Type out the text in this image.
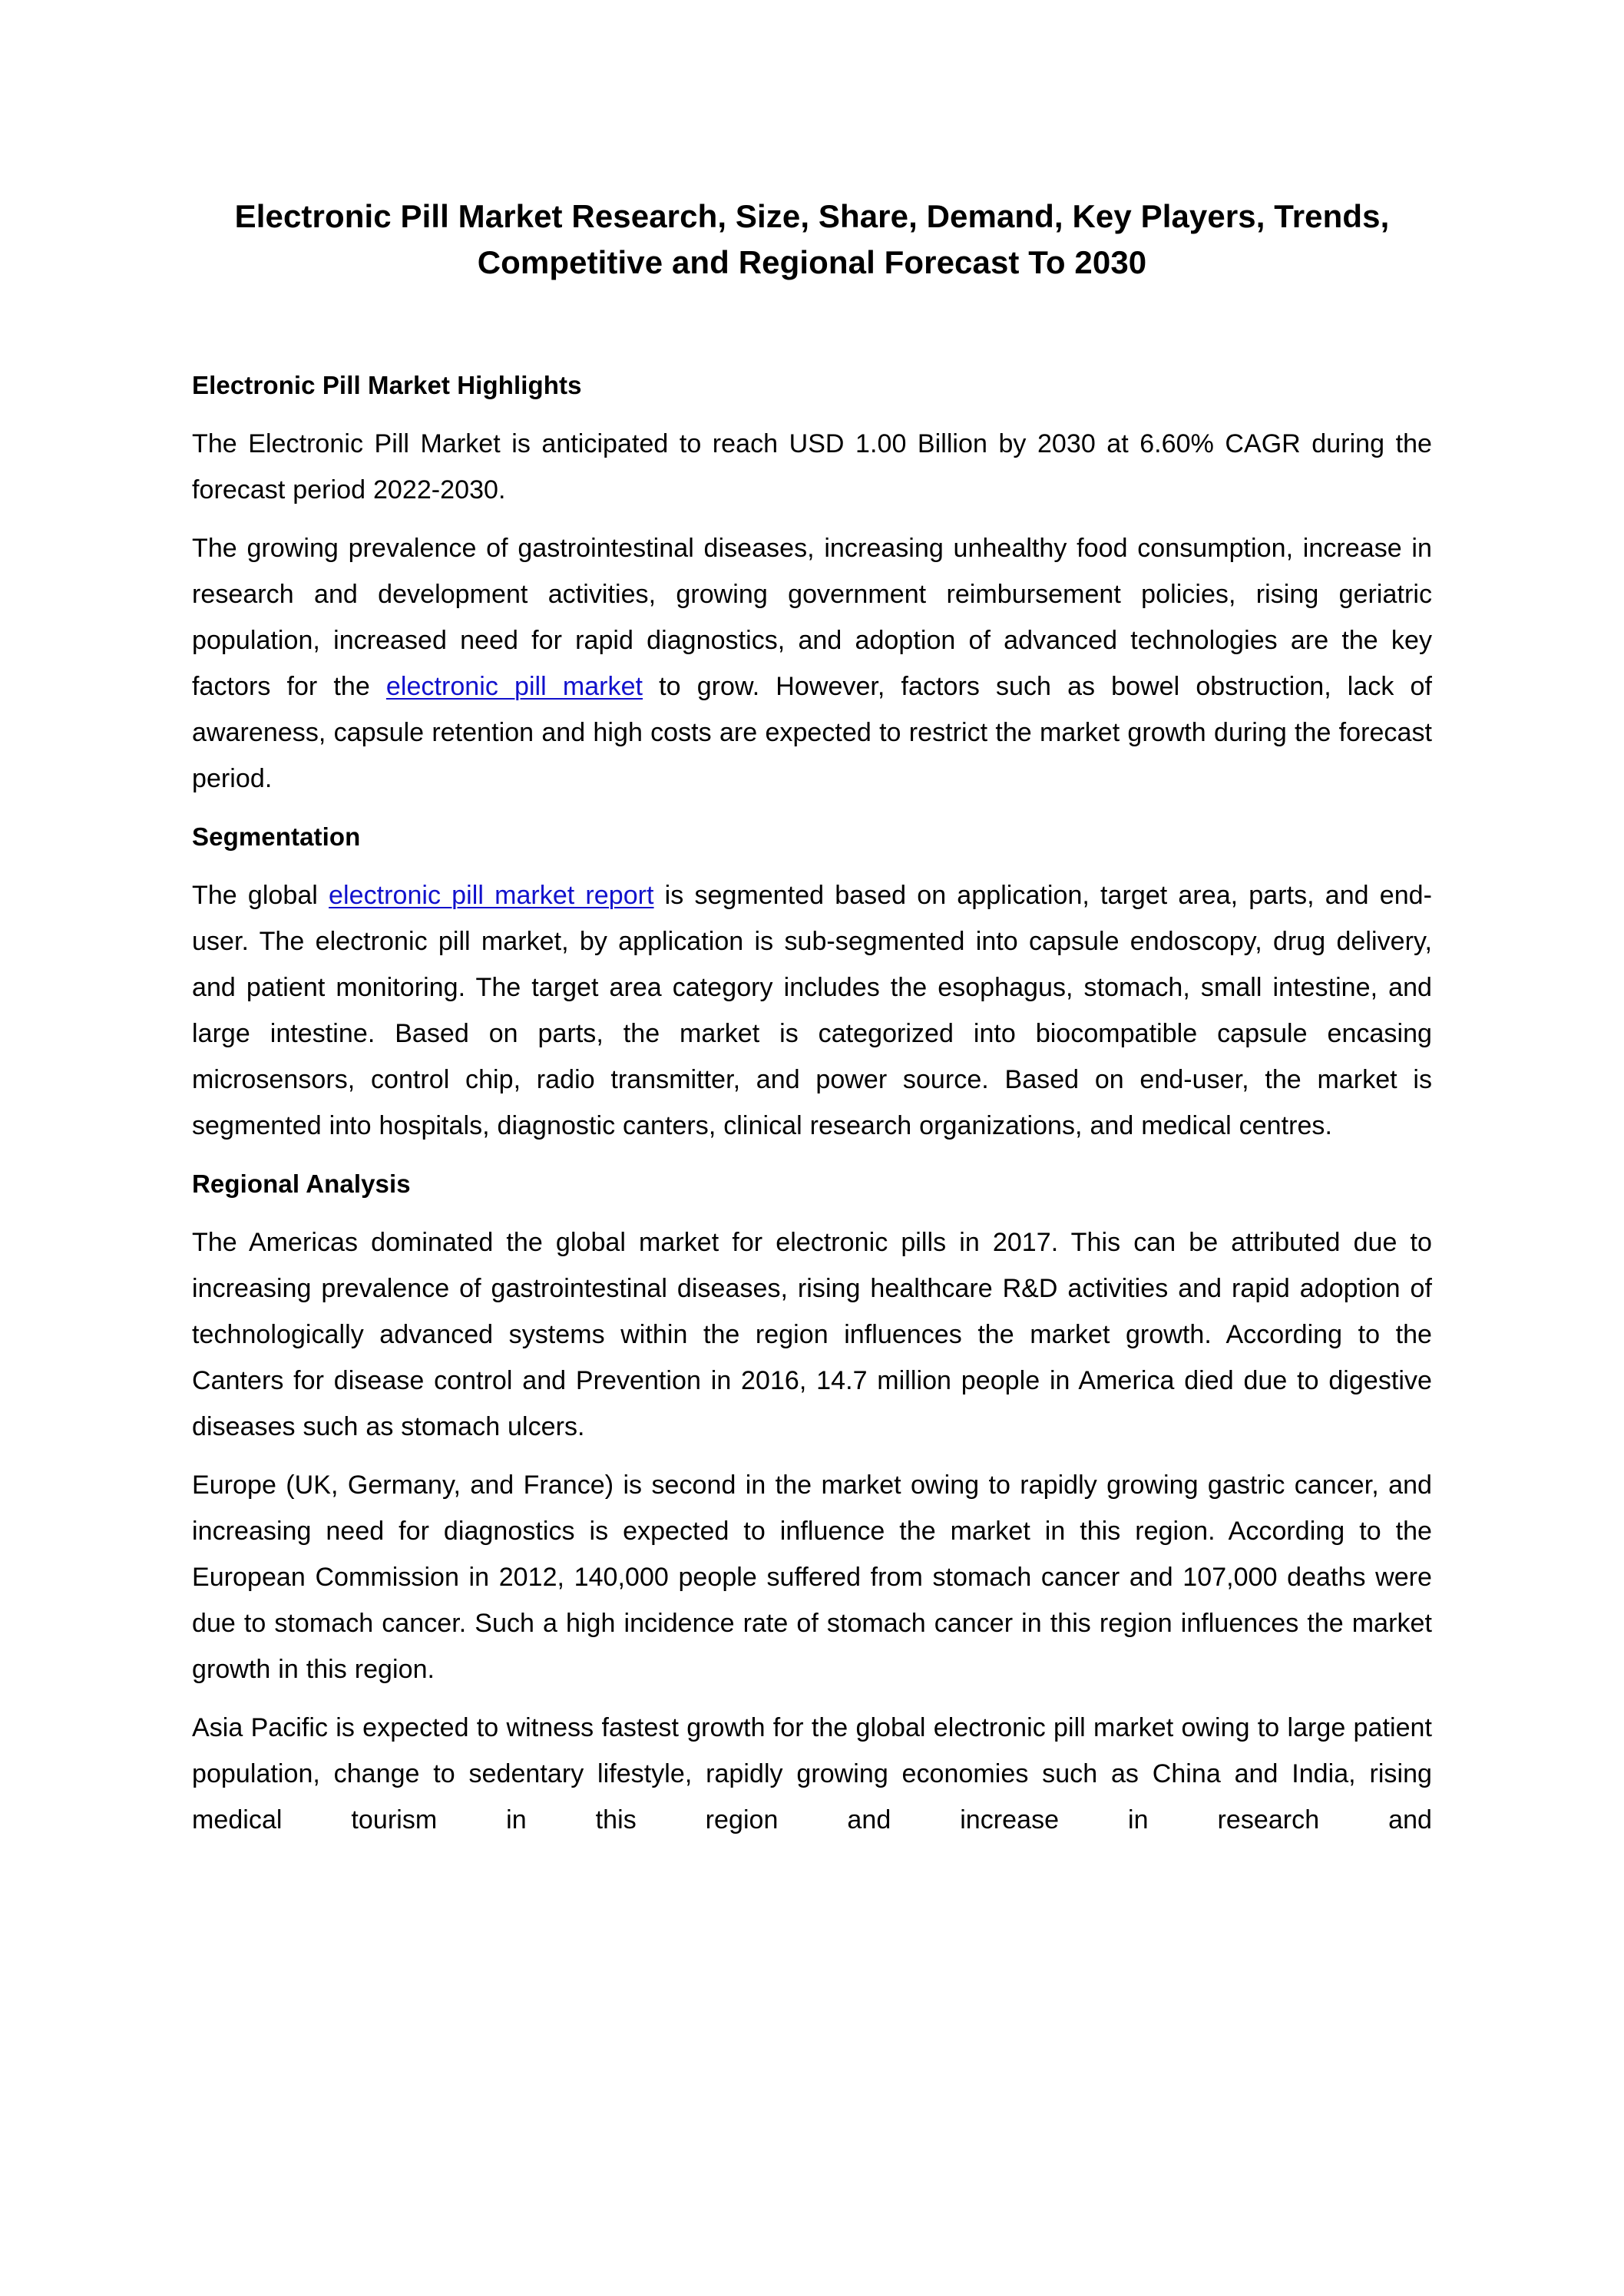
Electronic Pill Market Research, Size, Share, Demand, Key Players, Trends,
Competitive and Regional Forecast To 2030
Electronic Pill Market Highlights

The Electronic Pill Market is anticipated to reach USD 1.00 Billion by 2030 at 6.60% CAGR during the forecast period 2022-2030.

The growing prevalence of gastrointestinal diseases, increasing unhealthy food consumption, increase in research and development activities, growing government reimbursement policies, rising geriatric population, increased need for rapid diagnostics, and adoption of advanced technologies are the key factors for the electronic pill market to grow. However, factors such as bowel obstruction, lack of awareness, capsule retention and high costs are expected to restrict the market growth during the forecast period.

Segmentation

The global electronic pill market report is segmented based on application, target area, parts, and end-user. The electronic pill market, by application is sub-segmented into capsule endoscopy, drug delivery, and patient monitoring. The target area category includes the esophagus, stomach, small intestine, and large intestine. Based on parts, the market is categorized into biocompatible capsule encasing microsensors, control chip, radio transmitter, and power source. Based on end-user, the market is segmented into hospitals, diagnostic canters, clinical research organizations, and medical centres.

Regional Analysis

The Americas dominated the global market for electronic pills in 2017. This can be attributed due to increasing prevalence of gastrointestinal diseases, rising healthcare R&D activities and rapid adoption of technologically advanced systems within the region influences the market growth. According to the Canters for disease control and Prevention in 2016, 14.7 million people in America died due to digestive diseases such as stomach ulcers.

Europe (UK, Germany, and France) is second in the market owing to rapidly growing gastric cancer, and increasing need for diagnostics is expected to influence the market in this region. According to the European Commission in 2012, 140,000 people suffered from stomach cancer and 107,000 deaths were due to stomach cancer. Such a high incidence rate of stomach cancer in this region influences the market growth in this region.

Asia Pacific is expected to witness fastest growth for the global electronic pill market owing to large patient population, change to sedentary lifestyle, rapidly growing economies such as China and India, rising medical tourism in this region and increase in research and
